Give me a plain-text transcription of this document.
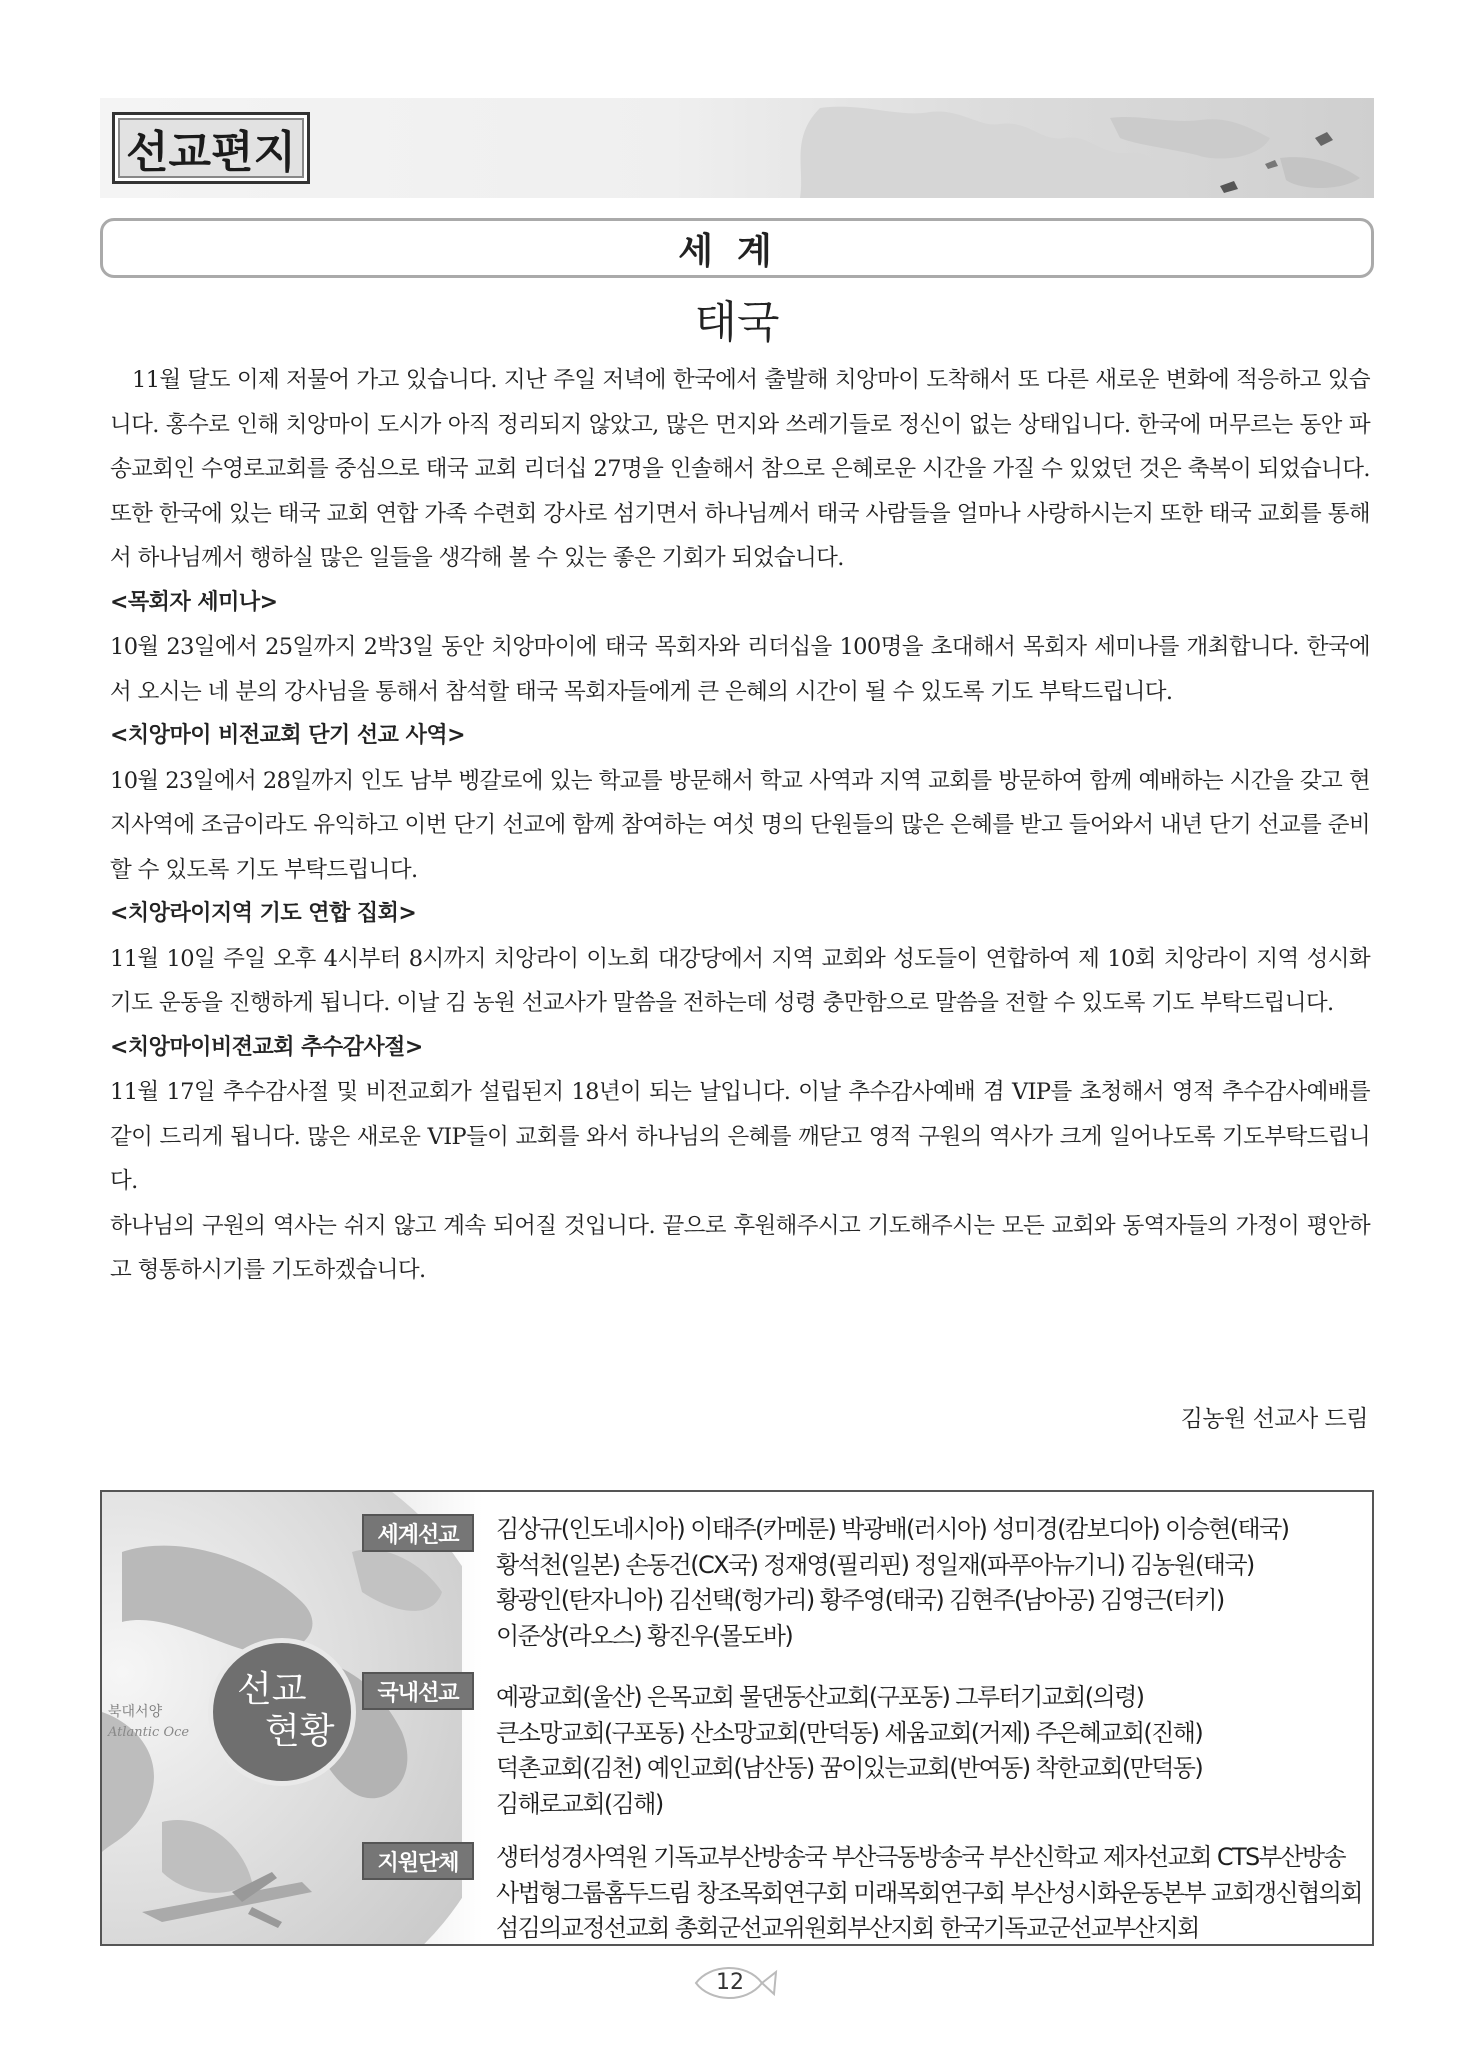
선교편지
세계
태국

11월 달도 이제 저물어 가고 있습니다. 지난 주일 저녁에 한국에서 출발해 치앙마이 도착해서 또 다른 새로운 변화에 적응하고 있습니다. 홍수로 인해 치앙마이 도시가 아직 정리되지 않았고, 많은 먼지와 쓰레기들로 정신이 없는 상태입니다. 한국에 머무르는 동안 파송교회인 수영로교회를 중심으로 태국 교회 리더십 27명을 인솔해서 참으로 은혜로운 시간을 가질 수 있었던 것은 축복이 되었습니다. 또한 한국에 있는 태국 교회 연합 가족 수련회 강사로 섬기면서 하나님께서 태국 사람들을 얼마나 사랑하시는지 또한 태국 교회를 통해서 하나님께서 행하실 많은 일들을 생각해 볼 수 있는 좋은 기회가 되었습니다.

<목회자 세미나>

10월 23일에서 25일까지 2박3일 동안 치앙마이에 태국 목회자와 리더십을 100명을 초대해서 목회자 세미나를 개최합니다. 한국에서 오시는 네 분의 강사님을 통해서 참석할 태국 목회자들에게 큰 은혜의 시간이 될 수 있도록 기도 부탁드립니다.

<치앙마이 비전교회 단기 선교 사역>

10월 23일에서 28일까지 인도 남부 벵갈로에 있는 학교를 방문해서 학교 사역과 지역 교회를 방문하여 함께 예배하는 시간을 갖고 현지사역에 조금이라도 유익하고 이번 단기 선교에 함께 참여하는 여섯 명의 단원들의 많은 은혜를 받고 들어와서 내년 단기 선교를 준비할 수 있도록 기도 부탁드립니다.

<치앙라이지역 기도 연합 집회>

11월 10일 주일 오후 4시부터 8시까지 치앙라이 이노회 대강당에서 지역 교회와 성도들이 연합하여 제 10회 치앙라이 지역 성시화 기도 운동을 진행하게 됩니다. 이날 김 농원 선교사가 말씀을 전하는데 성령 충만함으로 말씀을 전할 수 있도록 기도 부탁드립니다.

<치앙마이비젼교회 추수감사절>

11월 17일 추수감사절 및 비전교회가 설립된지 18년이 되는 날입니다. 이날 추수감사예배 겸 VIP를 초청해서 영적 추수감사예배를 같이 드리게 됩니다. 많은 새로운 VIP들이 교회를 와서 하나님의 은혜를 깨닫고 영적 구원의 역사가 크게 일어나도록 기도부탁드립니다.

하나님의 구원의 역사는 쉬지 않고 계속 되어질 것입니다. 끝으로 후원해주시고 기도해주시는 모든 교회와 동역자들의 가정이 평안하고 형통하시기를 기도하겠습니다.

김농원 선교사 드림
북대서양
Atlantic Oce
선교
현황
세계선교	김상규(인도네시아) 이태주(카메룬) 박광배(러시아) 성미경(캄보디아) 이승현(태국)
황석천(일본) 손동건(CX국) 정재영(필리핀) 정일재(파푸아뉴기니) 김농원(태국)
황광인(탄자니아) 김선택(헝가리) 황주영(태국) 김현주(남아공) 김영근(터키)
이준상(라오스) 황진우(몰도바)
국내선교	예광교회(울산) 은목교회 물댄동산교회(구포동) 그루터기교회(의령)
큰소망교회(구포동) 산소망교회(만덕동) 세움교회(거제) 주은혜교회(진해)
덕촌교회(김천) 예인교회(남산동) 꿈이있는교회(반여동) 착한교회(만덕동)
김해로교회(김해)
지원단체	생터성경사역원 기독교부산방송국 부산극동방송국 부산신학교 제자선교회 CTS부산방송
사법형그룹홈두드림 창조목회연구회 미래목회연구회 부산성시화운동본부 교회갱신협의회
섬김의교정선교회 총회군선교위원회부산지회 한국기독교군선교부산지회
12
